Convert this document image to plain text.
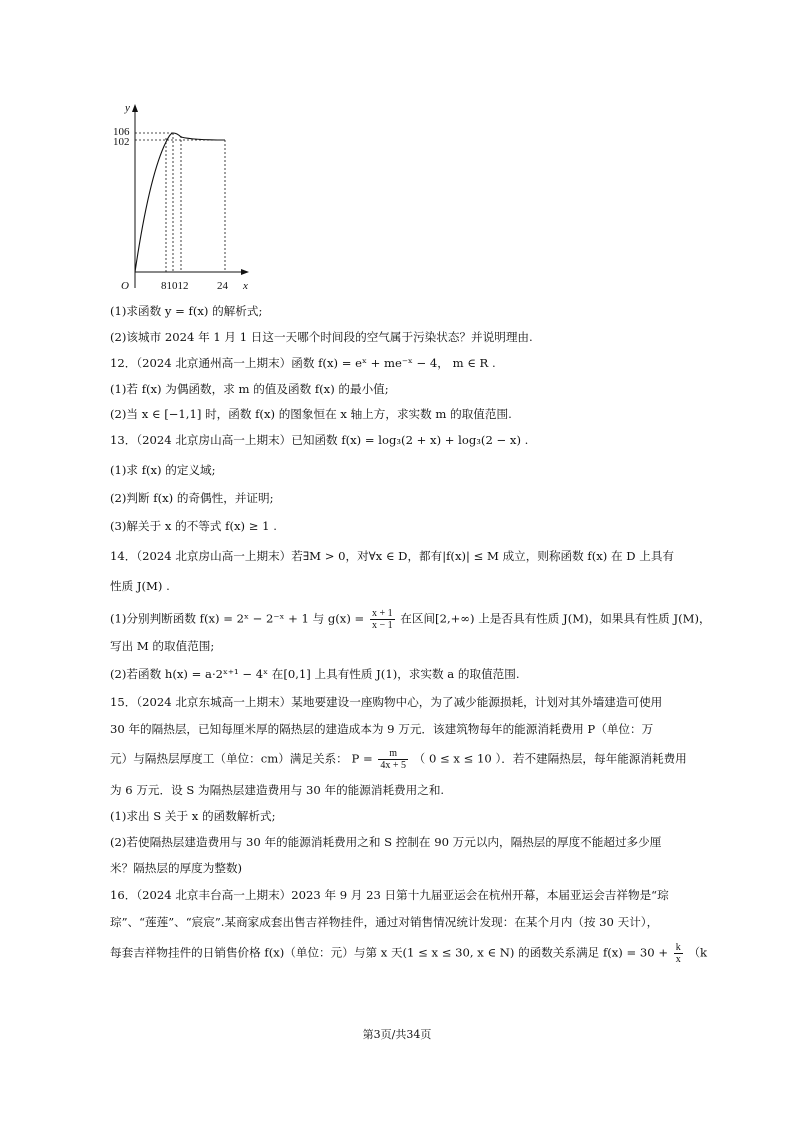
y
x
O
106
102
81012	24
(1)求函数 y = f(x) 的解析式;
(2)该城市 2024 年 1 月 1 日这一天哪个时间段的空气属于污染状态？并说明理由.
12．（2024 北京通州高一上期末）函数 f(x) = eˣ + me⁻ˣ − 4， m ∈ R .
(1)若 f(x) 为偶函数，求 m 的值及函数 f(x) 的最小值;
(2)当 x ∈ [−1,1] 时，函数 f(x) 的图象恒在 x 轴上方，求实数 m 的取值范围.
13．（2024 北京房山高一上期末）已知函数 f(x) = log₃(2 + x) + log₃(2 − x) .
(1)求 f(x) 的定义域;
(2)判断 f(x) 的奇偶性，并证明;
(3)解关于 x 的不等式 f(x) ≥ 1 .
14．（2024 北京房山高一上期末）若∃M > 0，对∀x ∈ D，都有|f(x)| ≤ M 成立，则称函数 f(x) 在 D 上具有
性质 J(M) .
(1)分别判断函数 f(x) = 2ˣ − 2⁻ˣ + 1 与 $g(x) = \frac{x + 1}{x - 1}$ 在区间[2,+∞) 上是否具有性质 J(M)，如果具有性质 J(M)，
写出 M 的取值范围;
(2)若函数 h(x) = a·2ˣ⁺¹ − 4ˣ 在[0,1] 上具有性质 J(1)，求实数 a 的取值范围.
15．（2024 北京东城高一上期末）某地要建设一座购物中心，为了减少能源损耗，计划对其外墙建造可使用
30 年的隔热层，已知每厘米厚的隔热层的建造成本为 9 万元．该建筑物每年的能源消耗费用 P（单位：万
元）与隔热层厚度工（单位：cm）满足关系： $P = \frac{m}{4x + 5}$ （ 0 ≤ x ≤ 10 ）．若不建隔热层，每年能源消耗费用
为 6 万元．设 S 为隔热层建造费用与 30 年的能源消耗费用之和.
(1)求出 S 关于 x 的函数解析式;
(2)若使隔热层建造费用与 30 年的能源消耗费用之和 S 控制在 90 万元以内，隔热层的厚度不能超过多少厘
米？隔热层的厚度为整数)
16．（2024 北京丰台高一上期末）2023 年 9 月 23 日第十九届亚运会在杭州开幕，本届亚运会吉祥物是“琮
琮”、“莲莲”、“宸宸”.某商家成套出售吉祥物挂件，通过对销售情况统计发现：在某个月内（按 30 天计），
每套吉祥物挂件的日销售价格 f(x)（单位：元）与第 x 天(1 ≤ x ≤ 30, x ∈ N) 的函数关系满足 $f(x) = 30 + \frac{k}{x} (k$
第3页/共34页
